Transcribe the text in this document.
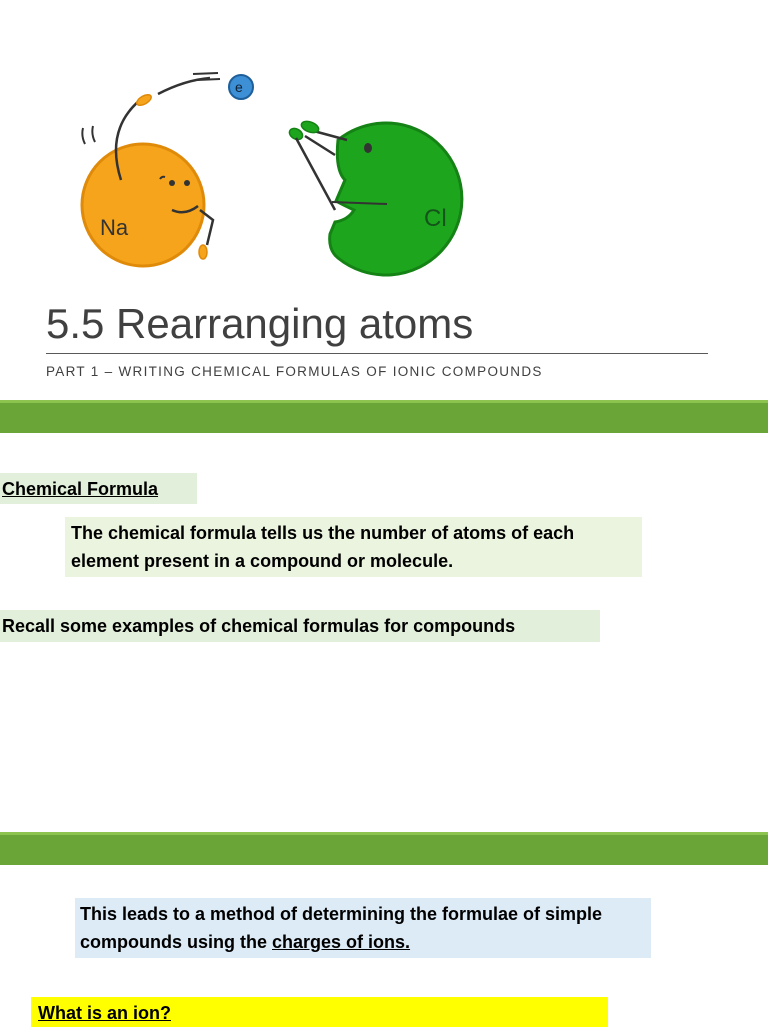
Na
e
Cl
5.5 Rearranging atoms
PART 1 – WRITING CHEMICAL FORMULAS OF IONIC COMPOUNDS
Chemical Formula
The chemical formula tells us the number of atoms of each element present in a compound or molecule.
Recall some examples of chemical formulas for compounds
This leads to a method of determining the formulae of simple compounds using the charges of ions.
What is an ion?
